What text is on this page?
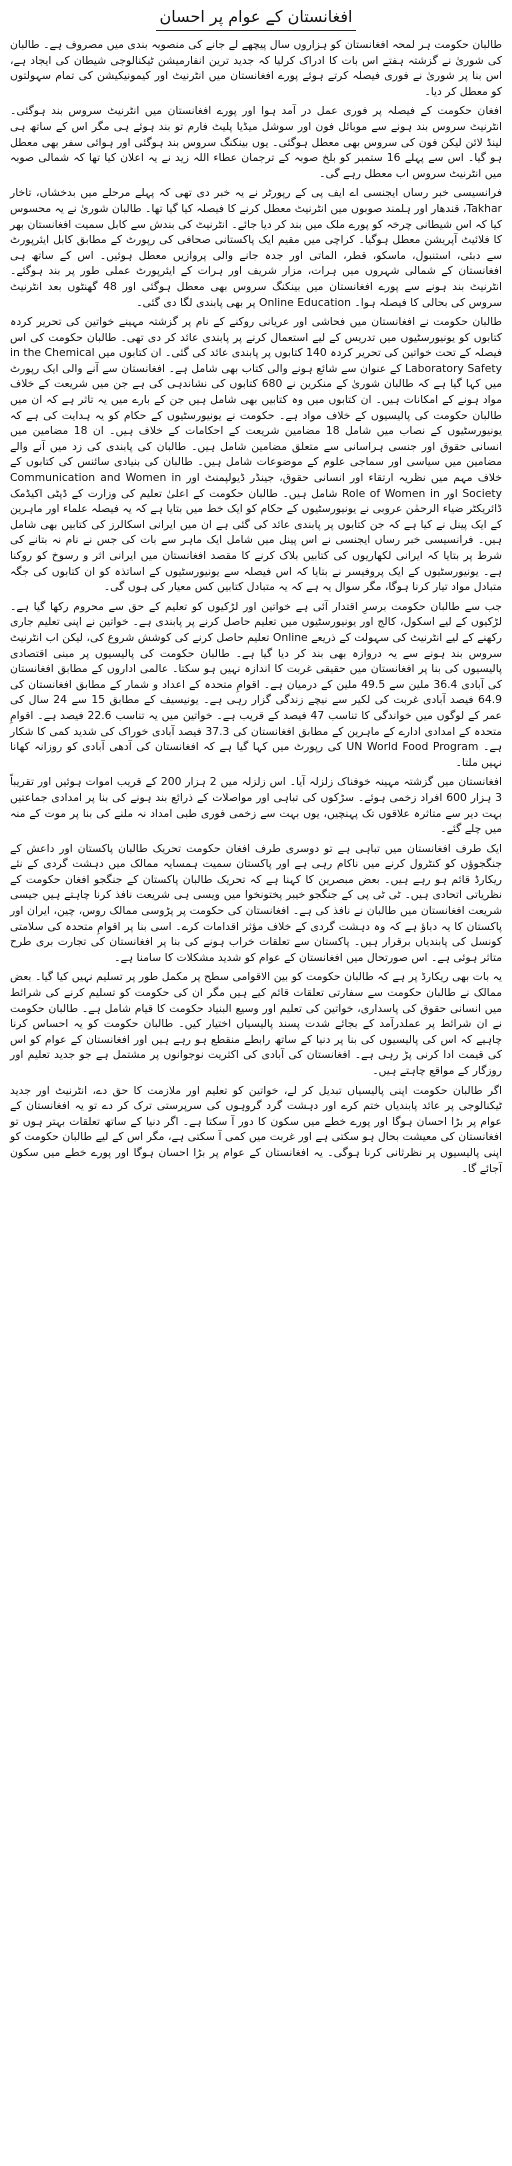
افغانستان کے عوام پر احسان

طالبان حکومت ہر لمحہ افغانستان کو ہزاروں سال پیچھے لے جانے کی منصوبہ بندی میں مصروف ہے۔ طالبان کی شوریٰ نے گزشتہ ہفتے اس بات کا ادراک کرلیا کہ جدید ترین انفارمیشن ٹیکنالوجی شیطان کی ایجاد ہے، اس بنا پر شوریٰ نے فوری فیصلہ کرتے ہوئے پورے افغانستان میں انٹرنیٹ اور کیمونیکیشن کی تمام سہولتوں کو معطل کر دیا۔

افغان حکومت کے فیصلہ پر فوری عمل در آمد ہوا اور پورے افغانستان میں انٹرنیٹ سروس بند ہوگئی۔ انٹرنیٹ سروس بند ہونے سے موبائل فون اور سوشل میڈیا پلیٹ فارم تو بند ہوئے ہی مگر اس کے ساتھ ہی لینڈ لائن لیکن فون کی سروس بھی معطل ہوگئی۔ یوں بینکنگ سروس بند ہوگئی اور ہوائی سفر بھی معطل ہو گیا۔ اس سے پہلے 16 ستمبر کو بلخ صوبہ کے ترجمان عطاء اللہ زید نے یہ اعلان کیا تھا کہ شمالی صوبہ میں انٹرنیٹ سروس اب معطل رہے گی۔

فرانسیسی خبر رساں ایجنسی اے ایف پی کے رپورٹر نے یہ خبر دی تھی کہ پہلے مرحلے میں بدخشاں، تاخار Takhar، قندھار اور ہلمند صوبوں میں انٹرنیٹ معطل کرنے کا فیصلہ کیا گیا تھا۔ طالبان شوریٰ نے یہ محسوس کیا کہ اس شیطانی چرخہ کو پورے ملک میں بند کر دیا جائے۔ انٹرنیٹ کی بندش سے کابل سمیت افغانستان بھر کا فلائیٹ آپریشن معطل ہوگیا۔ کراچی میں مقیم ایک پاکستانی صحافی کی رپورٹ کے مطابق کابل ایئرپورٹ سے دبئی، استنبول، ماسکو، قطر، الماتی اور جدہ جانے والی پروازیں معطل ہوئیں۔ اس کے ساتھ ہی افغانستان کے شمالی شہروں میں ہرات، مزار شریف اور ہرات کے ایئرپورٹ عملی طور پر بند ہوگئے۔ انٹرنیٹ بند ہونے سے پورے افغانستان میں بینکنگ سروس بھی معطل ہوگئی اور 48 گھنٹوں بعد انٹرنیٹ سروس کی بحالی کا فیصلہ ہوا۔ Online Education پر بھی پابندی لگا دی گئی۔

طالبان حکومت نے افغانستان میں فحاشی اور عریانی روکنے کے نام پر گزشتہ مہینے خواتین کی تحریر کردہ کتابوں کو یونیورسٹیوں میں تدریس کے لیے استعمال کرنے پر پابندی عائد کر دی تھی۔ طالبان حکومت کی اس فیصلہ کے تحت خواتین کی تحریر کردہ 140 کتابوں پر پابندی عائد کی گئی۔ ان کتابوں میں in the Chemical Laboratory Safety کے عنوان سے شائع ہونے والی کتاب بھی شامل ہے۔ افغانستان سے آنے والی ایک رپورٹ میں کہا گیا ہے کہ طالبان شوریٰ کے منکرین نے 680 کتابوں کی نشاندہی کی ہے جن میں شریعت کے خلاف مواد ہونے کے امکانات ہیں۔ ان کتابوں میں وہ کتابیں بھی شامل ہیں جن کے بارے میں یہ تاثر ہے کہ ان میں طالبان حکومت کی پالیسیوں کے خلاف مواد ہے۔ حکومت نے یونیورسٹیوں کے حکام کو یہ ہدایت کی ہے کہ یونیورسٹیوں کے نصاب میں شامل 18 مضامین شریعت کے احکامات کے خلاف ہیں۔ ان 18 مضامین میں انسانی حقوق اور جنسی ہراسانی سے متعلق مضامین شامل ہیں۔ طالبان کی پابندی کی زد میں آنے والے مضامین میں سیاسی اور سماجی علوم کے موضوعات شامل ہیں۔ طالبان کی بنیادی سائنس کی کتابوں کے خلاف مہم میں نظریہ ارتقاء اور انسانی حقوق، جینڈر ڈیولپمنٹ اور Communication and Women in Society اور Role of Women in شامل ہیں۔ طالبان حکومت کے اعلیٰ تعلیم کی وزارت کے ڈپٹی اکیڈمک ڈائریکٹر ضیاء الرحمٰن عروبی نے یونیورسٹیوں کے حکام کو ایک خط میں بتایا ہے کہ یہ فیصلہ علماء اور ماہرین کے ایک پینل نے کیا ہے کہ جن کتابوں پر پابندی عائد کی گئی ہے ان میں ایرانی اسکالرز کی کتابیں بھی شامل ہیں۔ فرانسیسی خبر رساں ایجنسی نے اس پینل میں شامل ایک ماہر سے بات کی جس نے نام نہ بتانے کی شرط پر بتایا کہ ایرانی لکھاریوں کی کتابیں بلاک کرنے کا مقصد افغانستان میں ایرانی اثر و رسوخ کو روکنا ہے۔ یونیورسٹیوں کے ایک پروفیسر نے بتایا کہ اس فیصلہ سے یونیورسٹیوں کے اساتذہ کو ان کتابوں کی جگہ متبادل مواد تیار کرنا ہوگا، مگر سوال یہ ہے کہ یہ متبادل کتابیں کس معیار کی ہوں گی۔

جب سے طالبان حکومت برسرِ اقتدار آئی ہے خواتین اور لڑکیوں کو تعلیم کے حق سے محروم رکھا گیا ہے۔ لڑکیوں کے لیے اسکول، کالج اور یونیورسٹیوں میں تعلیم حاصل کرنے پر پابندی ہے۔ خواتین نے اپنی تعلیم جاری رکھنے کے لیے انٹرنیٹ کی سہولت کے ذریعے Online تعلیم حاصل کرنے کی کوشش شروع کی، لیکن اب انٹرنیٹ سروس بند ہونے سے یہ دروازہ بھی بند کر دیا گیا ہے۔ طالبان حکومت کی پالیسیوں پر مبنی اقتصادی پالیسیوں کی بنا پر افغانستان میں حقیقی غربت کا اندازہ نہیں ہو سکتا۔ عالمی اداروں کے مطابق افغانستان کی آبادی 36.4 ملین سے 49.5 ملین کے درمیان ہے۔ اقوامِ متحدہ کے اعداد و شمار کے مطابق افغانستان کی 64.9 فیصد آبادی غربت کی لکیر سے نیچے زندگی گزار رہی ہے۔ یونیسیف کے مطابق 15 سے 24 سال کی عمر کے لوگوں میں خواندگی کا تناسب 47 فیصد کے قریب ہے۔ خواتین میں یہ تناسب 22.6 فیصد ہے۔ اقوامِ متحدہ کے امدادی ادارے کے ماہرین کے مطابق افغانستان کی 37.3 فیصد آبادی خوراک کی شدید کمی کا شکار ہے۔ UN World Food Program کی رپورٹ میں کہا گیا ہے کہ افغانستان کی آدھی آبادی کو روزانہ کھانا نہیں ملتا۔

افغانستان میں گزشتہ مہینہ خوفناک زلزلہ آیا۔ اس زلزلہ میں 2 ہزار 200 کے قریب اموات ہوئیں اور تقریباً 3 ہزار 600 افراد زخمی ہوئے۔ سڑکوں کی تباہی اور مواصلات کے ذرائع بند ہونے کی بنا پر امدادی جماعتیں بہت دیر سے متاثرہ علاقوں تک پہنچیں، یوں بہت سے زخمی فوری طبی امداد نہ ملنے کی بنا پر موت کے منہ میں چلے گئے۔

ایک طرف افغانستان میں تباہی ہے تو دوسری طرف افغان حکومت تحریک طالبان پاکستان اور داعش کے جنگجوؤں کو کنٹرول کرنے میں ناکام رہی ہے اور پاکستان سمیت ہمسایہ ممالک میں دہشت گردی کے نئے ریکارڈ قائم ہو رہے ہیں۔ بعض مبصرین کا کہنا ہے کہ تحریک طالبان پاکستان کے جنگجو افغان حکومت کے نظریاتی اتحادی ہیں۔ ٹی ٹی پی کے جنگجو خیبر پختونخوا میں ویسی ہی شریعت نافذ کرنا چاہتے ہیں جیسی شریعت افغانستان میں طالبان نے نافذ کی ہے۔ افغانستان کی حکومت پر پڑوسی ممالک روس، چین، ایران اور پاکستان کا یہ دباؤ ہے کہ وہ دہشت گردی کے خلاف مؤثر اقدامات کرے۔ اسی بنا پر اقوامِ متحدہ کی سلامتی کونسل کی پابندیاں برقرار ہیں۔ پاکستان سے تعلقات خراب ہونے کی بنا پر افغانستان کی تجارت بری طرح متاثر ہوئی ہے۔ اس صورتحال میں افغانستان کے عوام کو شدید مشکلات کا سامنا ہے۔

یہ بات بھی ریکارڈ پر ہے کہ طالبان حکومت کو بین الاقوامی سطح پر مکمل طور پر تسلیم نہیں کیا گیا۔ بعض ممالک نے طالبان حکومت سے سفارتی تعلقات قائم کیے ہیں مگر ان کی حکومت کو تسلیم کرنے کی شرائط میں انسانی حقوق کی پاسداری، خواتین کی تعلیم اور وسیع البنیاد حکومت کا قیام شامل ہے۔ طالبان حکومت نے ان شرائط پر عملدرآمد کے بجائے شدت پسند پالیسیاں اختیار کیں۔ طالبان حکومت کو یہ احساس کرنا چاہیے کہ اس کی پالیسیوں کی بنا پر دنیا کے ساتھ رابطے منقطع ہو رہے ہیں اور افغانستان کے عوام کو اس کی قیمت ادا کرنی پڑ رہی ہے۔ افغانستان کی آبادی کی اکثریت نوجوانوں پر مشتمل ہے جو جدید تعلیم اور روزگار کے مواقع چاہتے ہیں۔

اگر طالبان حکومت اپنی پالیسیاں تبدیل کر لے، خواتین کو تعلیم اور ملازمت کا حق دے، انٹرنیٹ اور جدید ٹیکنالوجی پر عائد پابندیاں ختم کرے اور دہشت گرد گروہوں کی سرپرستی ترک کر دے تو یہ افغانستان کے عوام پر بڑا احسان ہوگا اور پورے خطے میں سکون کا دور آ سکتا ہے۔ اگر دنیا کے ساتھ تعلقات بہتر ہوں تو افغانستان کی معیشت بحال ہو سکتی ہے اور غربت میں کمی آ سکتی ہے، مگر اس کے لیے طالبان حکومت کو اپنی پالیسیوں پر نظرثانی کرنا ہوگی۔ یہ افغانستان کے عوام پر بڑا احسان ہوگا اور پورے خطے میں سکون آجائے گا۔
